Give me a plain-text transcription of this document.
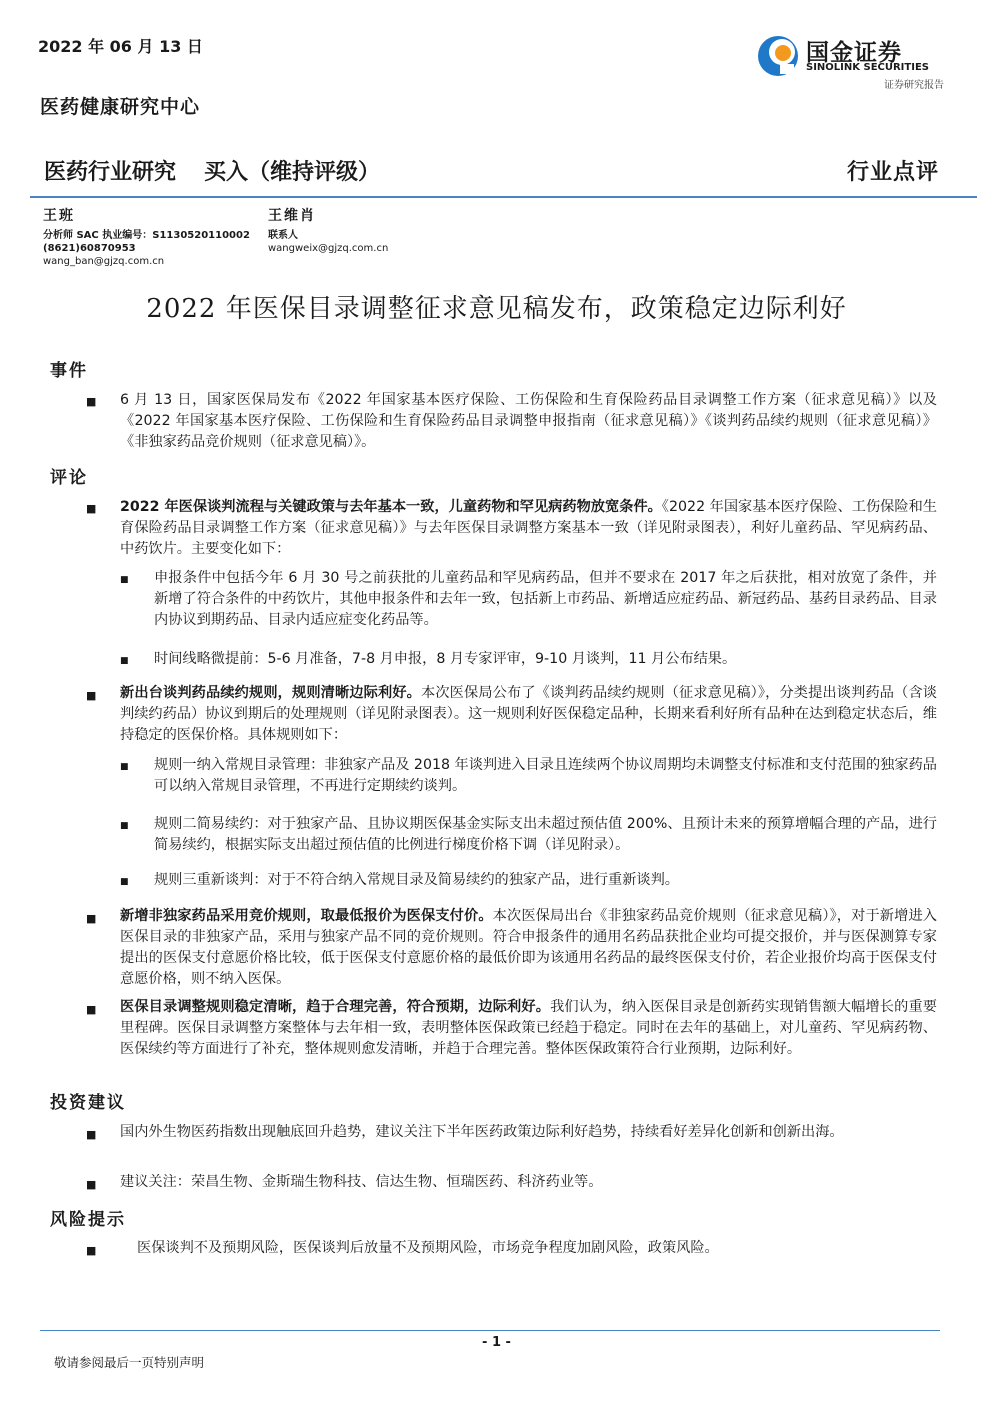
2022 年 06 月 13 日	国金证券
SINOLINK SECURITIES
证券研究报告
医药健康研究中心
医药行业研究 买入（维持评级）	行业点评
王班
分析师 SAC 执业编号：S1130520110002
(8621)60870953
wang_ban@gjzq.com.cn
王维肖
联系人
wangweix@gjzq.com.cn
2022 年医保目录调整征求意见稿发布，政策稳定边际利好
事件
■ 6 月 13 日，国家医保局发布《2022 年国家基本医疗保险、工伤保险和生育保险药品目录调整工作方案（征求意见稿）》以及《2022 年国家基本医疗保险、工伤保险和生育保险药品目录调整申报指南（征求意见稿）》《谈判药品续约规则（征求意见稿）》《非独家药品竞价规则（征求意见稿）》。
评论
■ 2022 年医保谈判流程与关键政策与去年基本一致，儿童药物和罕见病药物放宽条件。《2022 年国家基本医疗保险、工伤保险和生育保险药品目录调整工作方案（征求意见稿）》与去年医保目录调整方案基本一致（详见附录图表），利好儿童药品、罕见病药品、中药饮片。主要变化如下：
■ 申报条件中包括今年 6 月 30 号之前获批的儿童药品和罕见病药品，但并不要求在 2017 年之后获批，相对放宽了条件，并新增了符合条件的中药饮片，其他申报条件和去年一致，包括新上市药品、新增适应症药品、新冠药品、基药目录药品、目录内协议到期药品、目录内适应症变化药品等。
■ 时间线略微提前：5-6 月准备，7-8 月申报，8 月专家评审，9-10 月谈判，11 月公布结果。
■ 新出台谈判药品续约规则，规则清晰边际利好。本次医保局公布了《谈判药品续约规则（征求意见稿）》，分类提出谈判药品（含谈判续约药品）协议到期后的处理规则（详见附录图表）。这一规则利好医保稳定品种，长期来看利好所有品种在达到稳定状态后，维持稳定的医保价格。具体规则如下：
■ 规则一纳入常规目录管理：非独家产品及 2018 年谈判进入目录且连续两个协议周期均未调整支付标准和支付范围的独家药品可以纳入常规目录管理，不再进行定期续约谈判。
■ 规则二简易续约：对于独家产品、且协议期医保基金实际支出未超过预估值 200%、且预计未来的预算增幅合理的产品，进行简易续约，根据实际支出超过预估值的比例进行梯度价格下调（详见附录）。
■ 规则三重新谈判：对于不符合纳入常规目录及简易续约的独家产品，进行重新谈判。
■ 新增非独家药品采用竞价规则，取最低报价为医保支付价。本次医保局出台《非独家药品竞价规则（征求意见稿）》，对于新增进入医保目录的非独家产品，采用与独家产品不同的竞价规则。符合申报条件的通用名药品获批企业均可提交报价，并与医保测算专家提出的医保支付意愿价格比较，低于医保支付意愿价格的最低价即为该通用名药品的最终医保支付价，若企业报价均高于医保支付意愿价格，则不纳入医保。
■ 医保目录调整规则稳定清晰，趋于合理完善，符合预期，边际利好。我们认为，纳入医保目录是创新药实现销售额大幅增长的重要里程碑。医保目录调整方案整体与去年相一致，表明整体医保政策已经趋于稳定。同时在去年的基础上，对儿童药、罕见病药物、医保续约等方面进行了补充，整体规则愈发清晰，并趋于合理完善。整体医保政策符合行业预期，边际利好。
投资建议
■ 国内外生物医药指数出现触底回升趋势，建议关注下半年医药政策边际利好趋势，持续看好差异化创新和创新出海。
■ 建议关注：荣昌生物、金斯瑞生物科技、信达生物、恒瑞医药、科济药业等。
风险提示
■	医保谈判不及预期风险，医保谈判后放量不及预期风险，市场竞争程度加剧风险，政策风险。
- 1 -
敬请参阅最后一页特别声明
